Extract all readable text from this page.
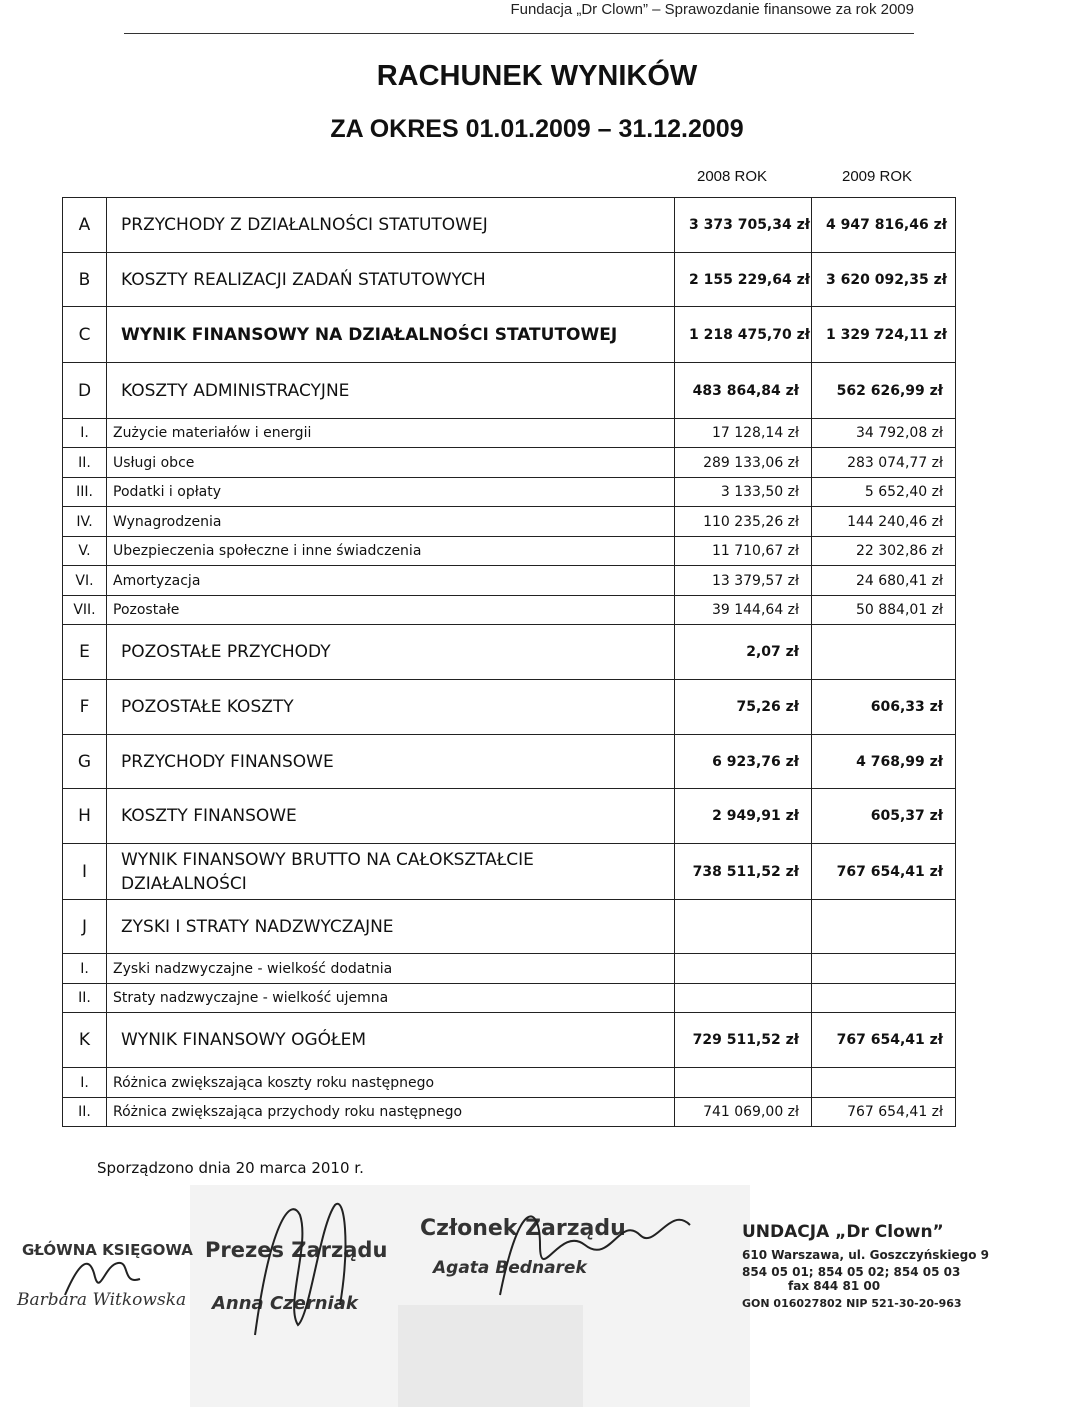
Fundacja „Dr Clown” – Sprawozdanie finansowe za rok 2009
RACHUNEK WYNIKÓW
ZA OKRES 01.01.2009 – 31.12.2009
2008 ROK	2009 ROK
A	PRZYCHODY Z DZIAŁALNOŚCI STATUTOWEJ	3 373 705,34 zł	4 947 816,46 zł
B	KOSZTY REALIZACJI ZADAŃ STATUTOWYCH	2 155 229,64 zł	3 620 092,35 zł
C	WYNIK FINANSOWY NA DZIAŁALNOŚCI STATUTOWEJ	1 218 475,70 zł	1 329 724,11 zł
D	KOSZTY ADMINISTRACYJNE	483 864,84 zł	562 626,99 zł
I.	Zużycie materiałów i energii	17 128,14 zł	34 792,08 zł
II.	Usługi obce	289 133,06 zł	283 074,77 zł
III.	Podatki i opłaty	3 133,50 zł	5 652,40 zł
IV.	Wynagrodzenia	110 235,26 zł	144 240,46 zł
V.	Ubezpieczenia społeczne i inne świadczenia	11 710,67 zł	22 302,86 zł
VI.	Amortyzacja	13 379,57 zł	24 680,41 zł
VII.	Pozostałe	39 144,64 zł	50 884,01 zł
E	POZOSTAŁE PRZYCHODY	2,07 zł	
F	POZOSTAŁE KOSZTY	75,26 zł	606,33 zł
G	PRZYCHODY FINANSOWE	6 923,76 zł	4 768,99 zł
H	KOSZTY FINANSOWE	2 949,91 zł	605,37 zł
I	WYNIK FINANSOWY BRUTTO NA CAŁOKSZTAŁCIE DZIAŁALNOŚCI	738 511,52 zł	767 654,41 zł
J	ZYSKI I STRATY NADZWYCZAJNE		
I.	Zyski nadzwyczajne - wielkość dodatnia		
II.	Straty nadzwyczajne - wielkość ujemna		
K	WYNIK FINANSOWY OGÓŁEM	729 511,52 zł	767 654,41 zł
I.	Różnica zwiększająca koszty roku następnego		
II.	Różnica zwiększająca przychody roku następnego	741 069,00 zł	767 654,41 zł
Sporządzono dnia 20 marca 2010 r.
GŁÓWNA KSIĘGOWA
Barbara Witkowska
Prezes Zarządu
Anna Czerniak
Członek Zarządu
Agata Bednarek
UNDACJA „Dr Clown”
610 Warszawa, ul. Goszczyńskiego 9
854 05 01; 854 05 02; 854 05 03
fax 844 81 00
GON 016027802 NIP 521-30-20-963
